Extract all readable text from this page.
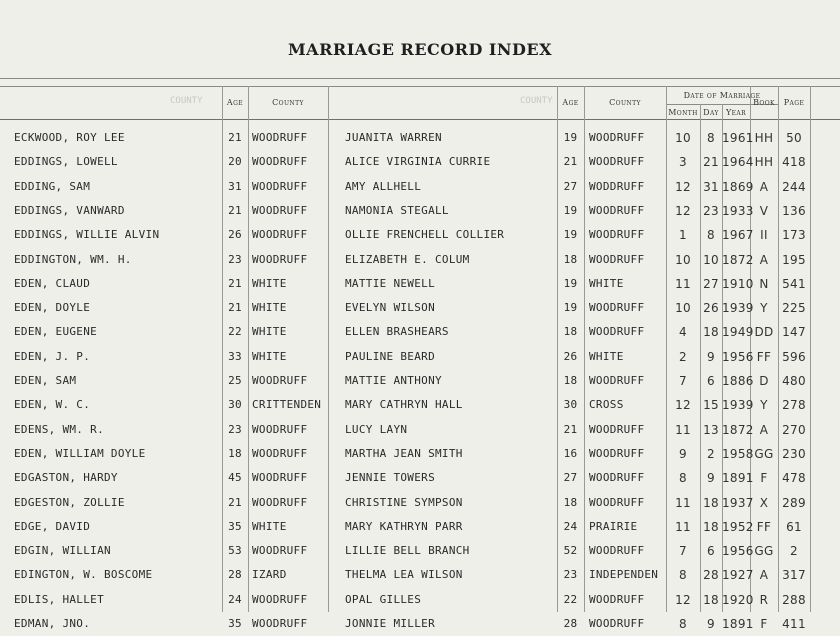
MARRIAGE RECORD INDEX
COUNTY	COUNTY
Age	County	Age	County
Date of Marriage
Month Day Year
Book	Page
ECKWOOD, ROY LEE	21 WOODRUFF	JUANITA WARREN	19	WOODRUFF	10	8 1961 HH	50
EDDINGS, LOWELL	20 WOODRUFF	ALICE VIRGINIA CURRIE	21	WOODRUFF	3	21 1964 HH 418
EDDING, SAM	31 WOODRUFF	AMY ALLHELL	27	WODDRUFF	12	31 1869 A	244
EDDINGS, VANWARD	21 WOODRUFF	NAMONIA STEGALL	19	WOODRUFF	12	23 1933 V	136
EDDINGS, WILLIE ALVIN	26 WOODRUFF	OLLIE FRENCHELL COLLIER	19	WOODRUFF	1	8 1967 II	173
EDDINGTON, WM. H.	23 WOODRUFF	ELIZABETH E. COLUM	18	WOODRUFF	10	10 1872 A	195
EDEN, CLAUD	21 WHITE	MATTIE NEWELL	19	WHITE	11	27 1910 N	541
EDEN, DOYLE	21 WHITE	EVELYN WILSON	19	WOODRUFF	10	26 1939 Y	225
EDEN, EUGENE	22 WHITE	ELLEN BRASHEARS	18	WOODRUFF	4	18 1949 DD 147
EDEN, J. P.	33 WHITE	PAULINE BEARD	26	WHITE	2	9 1956 FF 596
EDEN, SAM	25 WOODRUFF	MATTIE ANTHONY	18	WOODRUFF	7	6 1886 D	480
EDEN, W. C.	30 CRITTENDEN	MARY CATHRYN HALL	30	CROSS	12	15 1939 Y	278
EDENS, WM. R.	23 WOODRUFF	LUCY LAYN	21	WOODRUFF	11	13 1872 A	270
EDEN, WILLIAM DOYLE	18 WOODRUFF	MARTHA JEAN SMITH	16	WOODRUFF	9	2 1958 GG 230
EDGASTON, HARDY	45 WOODRUFF	JENNIE TOWERS	27	WOODRUFF	8	9 1891 F	478
EDGESTON, ZOLLIE	21 WOODRUFF	CHRISTINE SYMPSON	18	WOODRUFF	11	18 1937 X	289
EDGE, DAVID	35 WHITE	MARY KATHRYN PARR	24	PRAIRIE	11	18 1952 FF	61
EDGIN, WILLIAN	53 WOODRUFF	LILLIE BELL BRANCH	52	WOODRUFF	7	6 1956 GG	2
EDINGTON, W. BOSCOME	28 IZARD	THELMA LEA WILSON	23	INDEPENDEN	8	28 1927 A	317
EDLIS, HALLET	24 WOODRUFF	OPAL GILLES	22	WOODRUFF	12	18 1920 R	288
EDMAN, JNO.	35 WOODRUFF	JONNIE MILLER	28	WOODRUFF	8	9 1891 F	411
